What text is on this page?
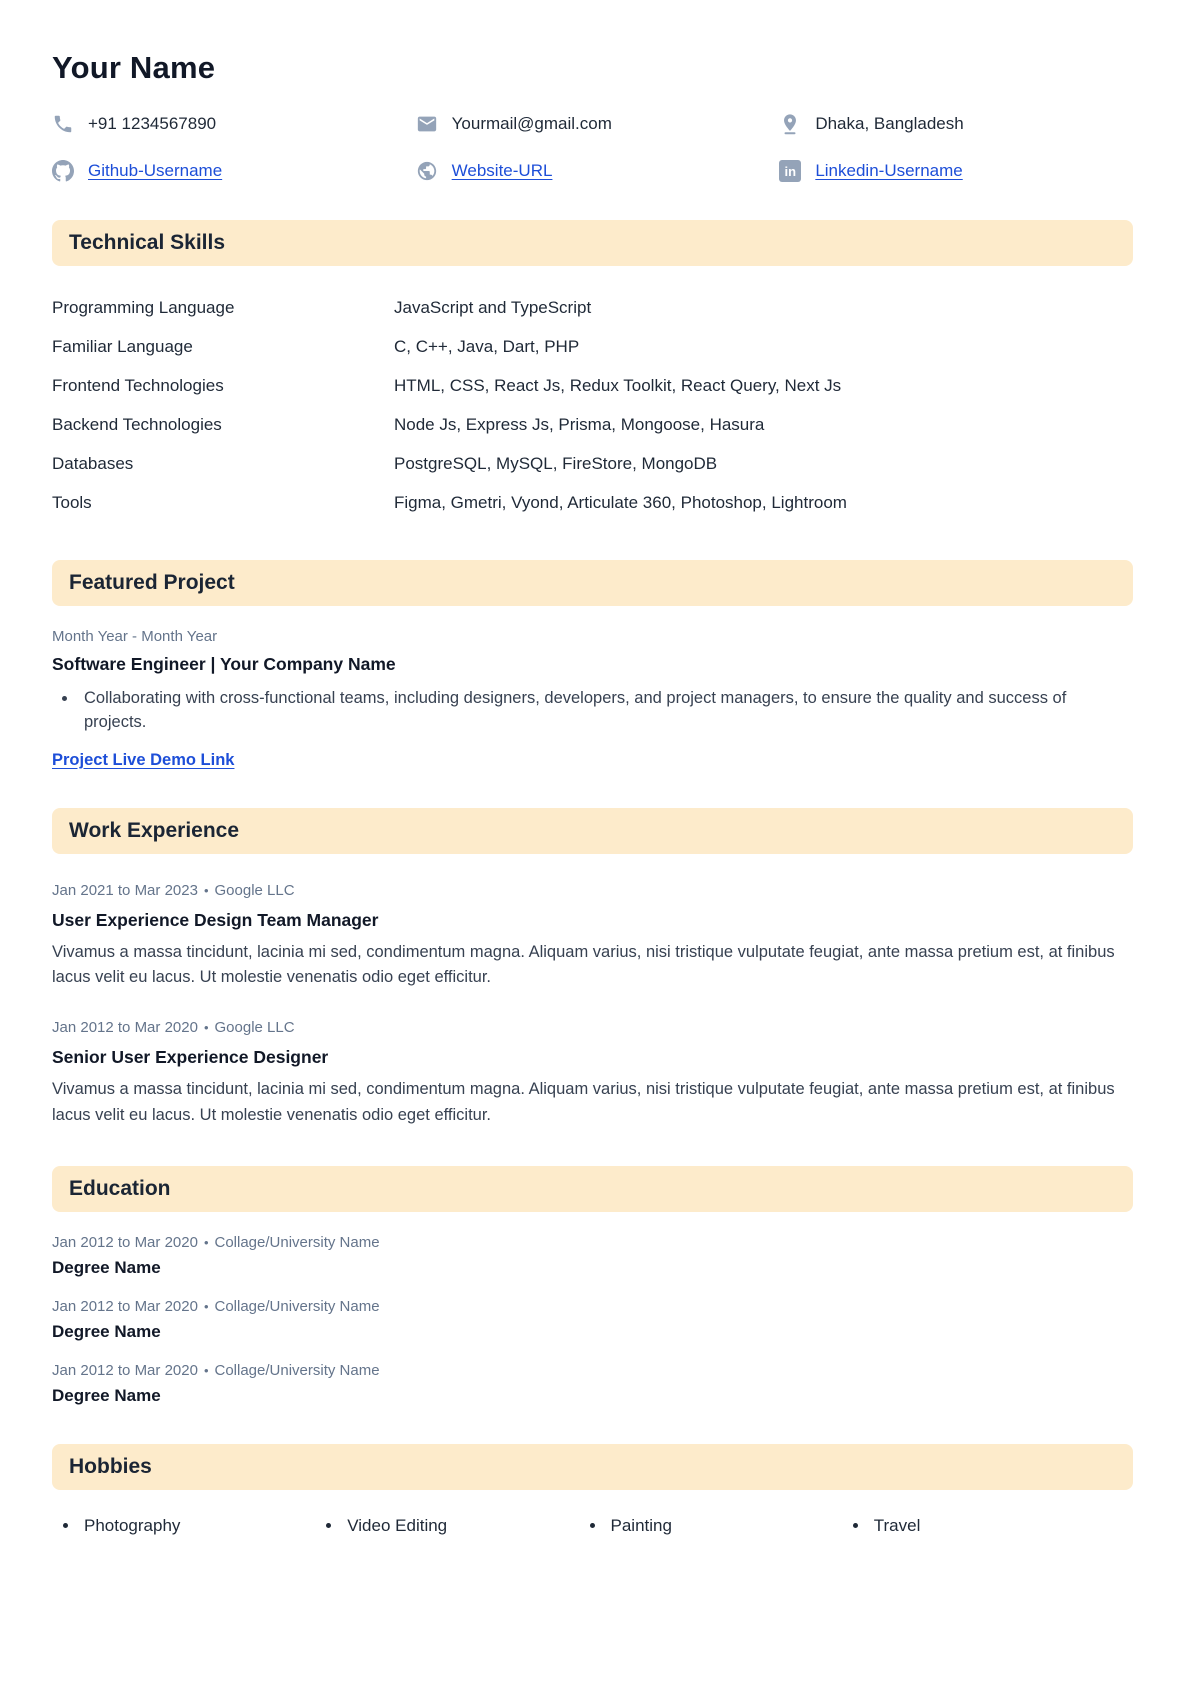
Your Name
+91 1234567890	Yourmail@gmail.com	Dhaka, Bangladesh
Github-Username	Website-URL	in	Linkedin-Username
Technical Skills
Programming Language	JavaScript and TypeScript
Familiar Language	C, C++, Java, Dart, PHP
Frontend Technologies	HTML, CSS, React Js, Redux Toolkit, React Query, Next Js
Backend Technologies	Node Js, Express Js, Prisma, Mongoose, Hasura
Databases	PostgreSQL, MySQL, FireStore, MongoDB
Tools	Figma, Gmetri, Vyond, Articulate 360, Photoshop, Lightroom
Featured Project
Month Year - Month Year
Software Engineer | Your Company Name
• Collaborating with cross-functional teams, including designers, developers, and project managers, to ensure the quality and success of projects.
Project Live Demo Link
Work Experience
Jan 2021 to Mar 2023 • Google LLC
User Experience Design Team Manager

Vivamus a massa tincidunt, lacinia mi sed, condimentum magna. Aliquam varius, nisi tristique vulputate feugiat, ante massa pretium est, at finibus lacus velit eu lacus. Ut molestie venenatis odio eget efficitur.

Jan 2012 to Mar 2020 • Google LLC
Senior User Experience Designer

Vivamus a massa tincidunt, lacinia mi sed, condimentum magna. Aliquam varius, nisi tristique vulputate feugiat, ante massa pretium est, at finibus lacus velit eu lacus. Ut molestie venenatis odio eget efficitur.

Education
Jan 2012 to Mar 2020 • Collage/University Name
Degree Name
Jan 2012 to Mar 2020 • Collage/University Name
Degree Name
Jan 2012 to Mar 2020 • Collage/University Name
Degree Name
Hobbies
• Photography	• Video Editing	• Painting	• Travel
